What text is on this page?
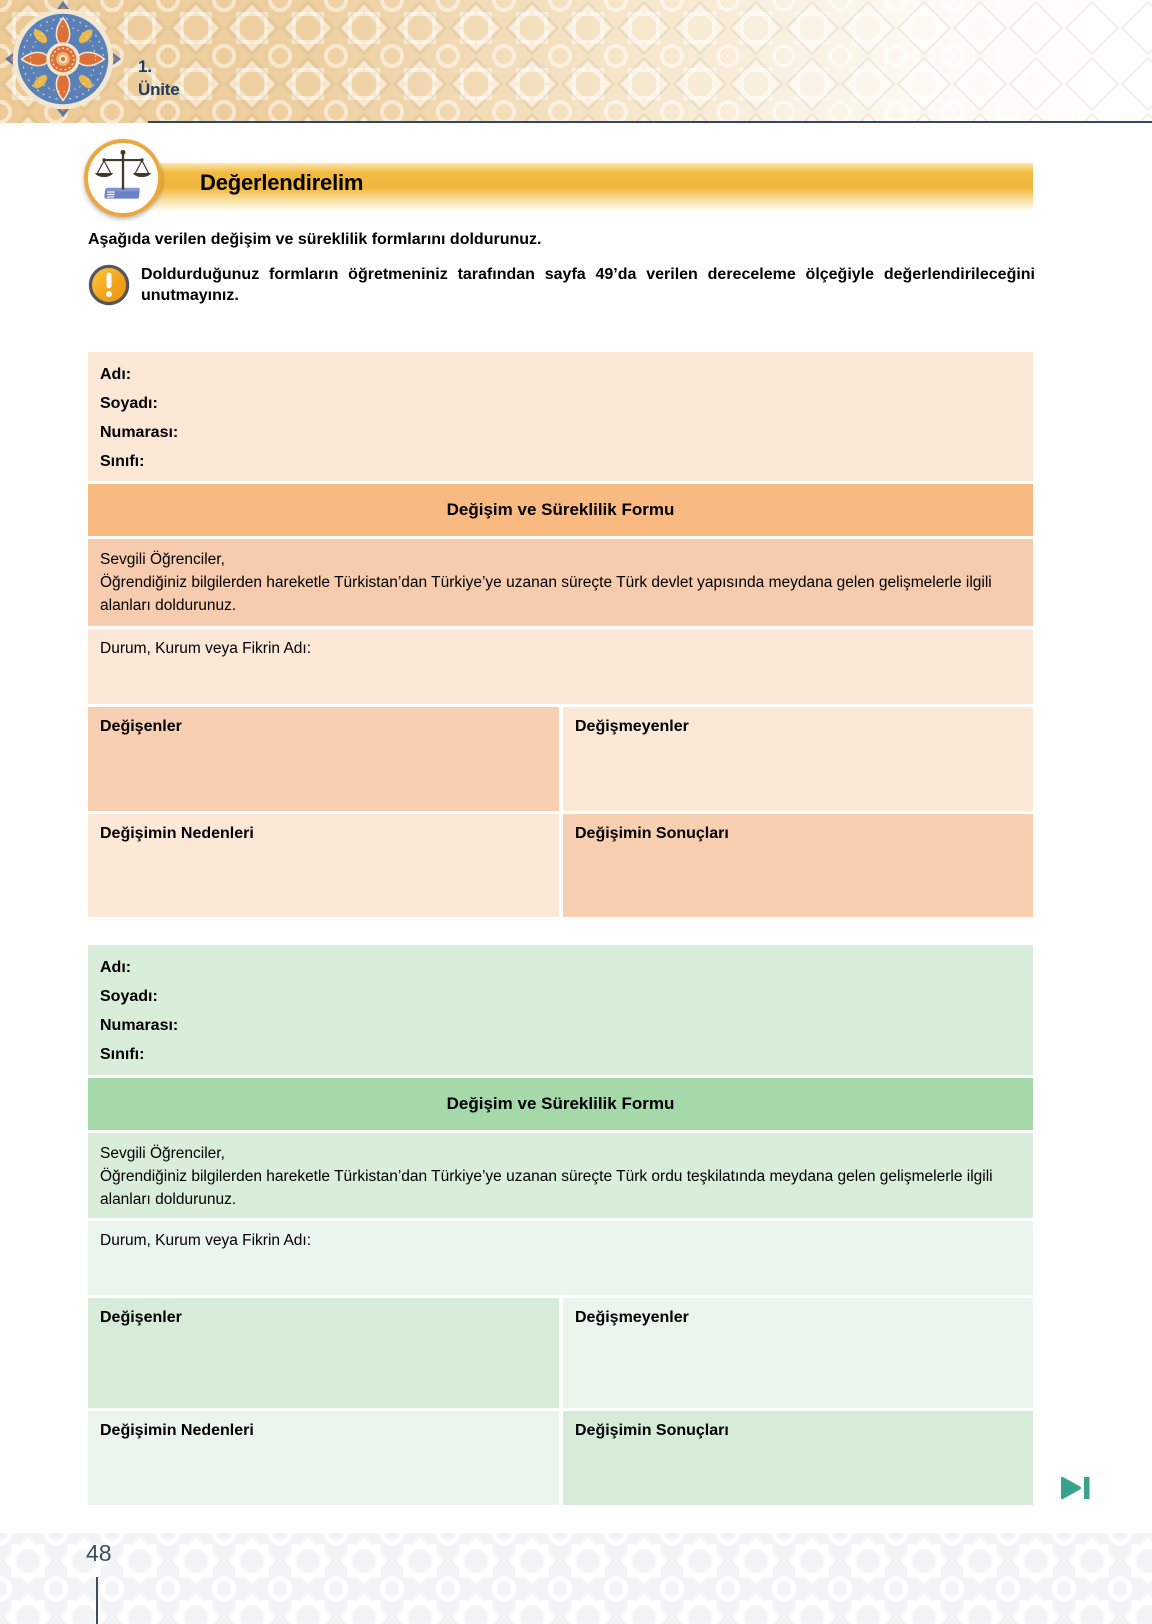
1.
Ünite
Değerlendirelim

Aşağıda verilen değişim ve süreklilik formlarını doldurunuz.

Doldurduğunuz formların öğretmeniniz tarafından sayfa 49’da verilen dereceleme ölçeğiyle değerlendirileceğini unutmayınız.

Adı:
Soyadı:
Numarası:
Sınıfı:
Değişim ve Süreklilik Formu

Sevgili Öğrenciler,

Öğrendiğiniz bilgilerden hareketle Türkistan’dan Türkiye’ye uzanan süreçte Türk devlet yapısında meydana gelen gelişmelerle ilgili alanları doldurunuz.

Durum, Kurum veya Fikrin Adı:
Değişenler	Değişmeyenler
Değişimin Nedenleri	Değişimin Sonuçları
Adı:
Soyadı:
Numarası:
Sınıfı:
Değişim ve Süreklilik Formu

Sevgili Öğrenciler,

Öğrendiğiniz bilgilerden hareketle Türkistan’dan Türkiye’ye uzanan süreçte Türk ordu teşkilatında meydana gelen gelişmelerle ilgili alanları doldurunuz.

Durum, Kurum veya Fikrin Adı:
Değişenler	Değişmeyenler
Değişimin Nedenleri	Değişimin Sonuçları
48
